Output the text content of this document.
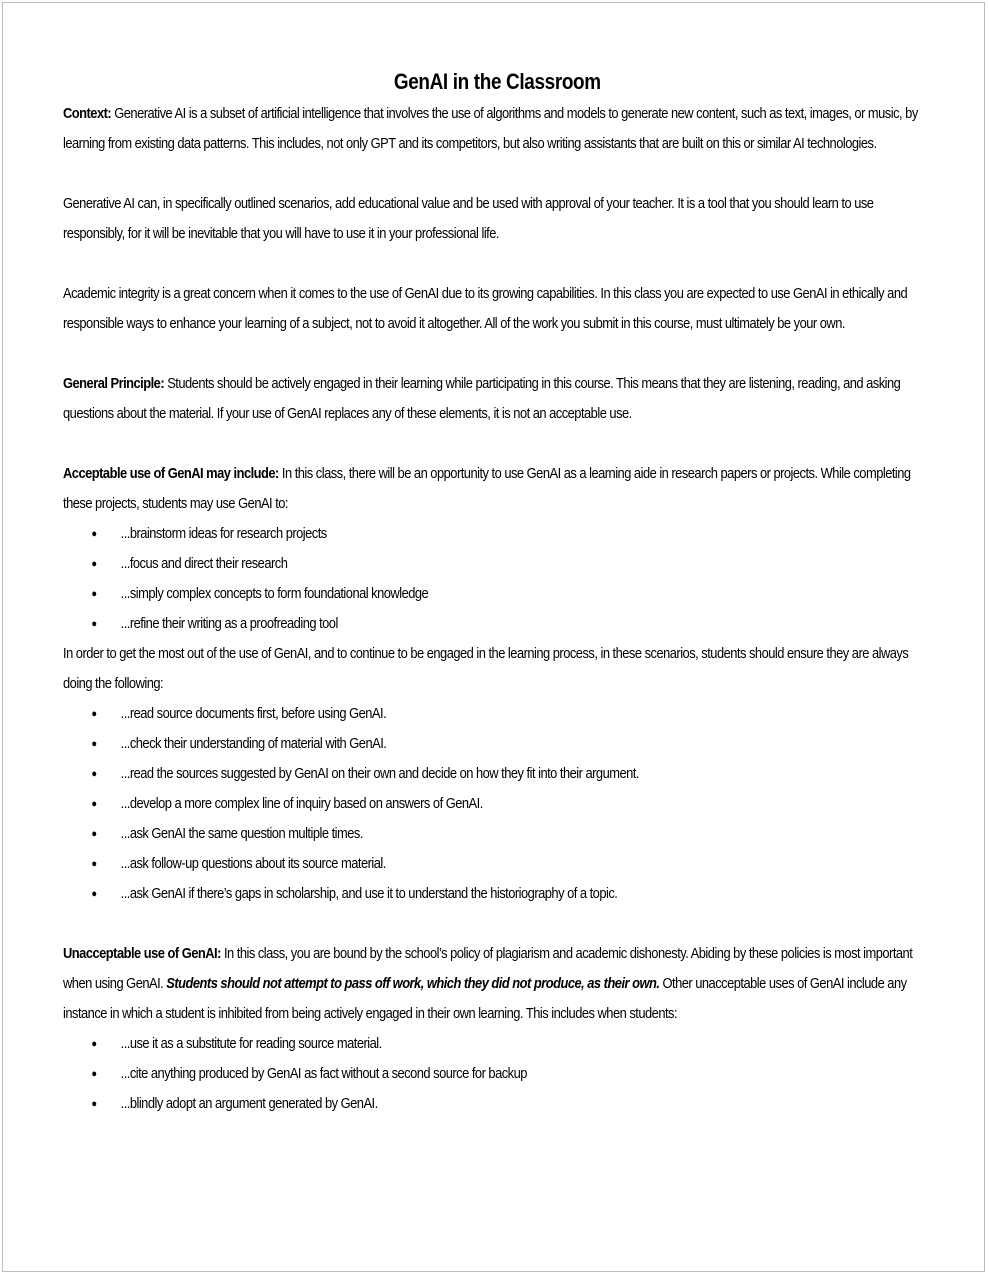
GenAI in the Classroom

Context: Generative AI is a subset of artificial intelligence that involves the use of algorithms and models to generate new content, such as text, images, or music, by learning from existing data patterns. This includes, not only GPT and its competitors, but also writing assistants that are built on this or similar AI technologies.

Generative AI can, in specifically outlined scenarios, add educational value and be used with approval of your teacher. It is a tool that you should learn to use responsibly, for it will be inevitable that you will have to use it in your professional life.

Academic integrity is a great concern when it comes to the use of GenAI due to its growing capabilities. In this class you are expected to use GenAI in ethically and responsible ways to enhance your learning of a subject, not to avoid it altogether. All of the work you submit in this course, must ultimately be your own.

General Principle: Students should be actively engaged in their learning while participating in this course. This means that they are listening, reading, and asking questions about the material. If your use of GenAI replaces any of these elements, it is not an acceptable use.

Acceptable use of GenAI may include: In this class, there will be an opportunity to use GenAI as a learning aide in research papers or projects. While completing these projects, students may use GenAI to:

● ...brainstorm ideas for research projects
● ...focus and direct their research
● ...simply complex concepts to form foundational knowledge
● ...refine their writing as a proofreading tool

In order to get the most out of the use of GenAI, and to continue to be engaged in the learning process, in these scenarios, students should ensure they are always doing the following:

● ...read source documents first, before using GenAI.
● ...check their understanding of material with GenAI.
● ...read the sources suggested by GenAI on their own and decide on how they fit into their argument.
● ...develop a more complex line of inquiry based on answers of GenAI.
● ...ask GenAI the same question multiple times.
● ...ask follow-up questions about its source material.
● ...ask GenAI if there’s gaps in scholarship, and use it to understand the historiography of a topic.

Unacceptable use of GenAI: In this class, you are bound by the school’s policy of plagiarism and academic dishonesty. Abiding by these policies is most important when using GenAI. Students should not attempt to pass off work, which they did not produce, as their own. Other unacceptable uses of GenAI include any instance in which a student is inhibited from being actively engaged in their own learning. This includes when students:

● ...use it as a substitute for reading source material.
● ...cite anything produced by GenAI as fact without a second source for backup
● ...blindly adopt an argument generated by GenAI.
